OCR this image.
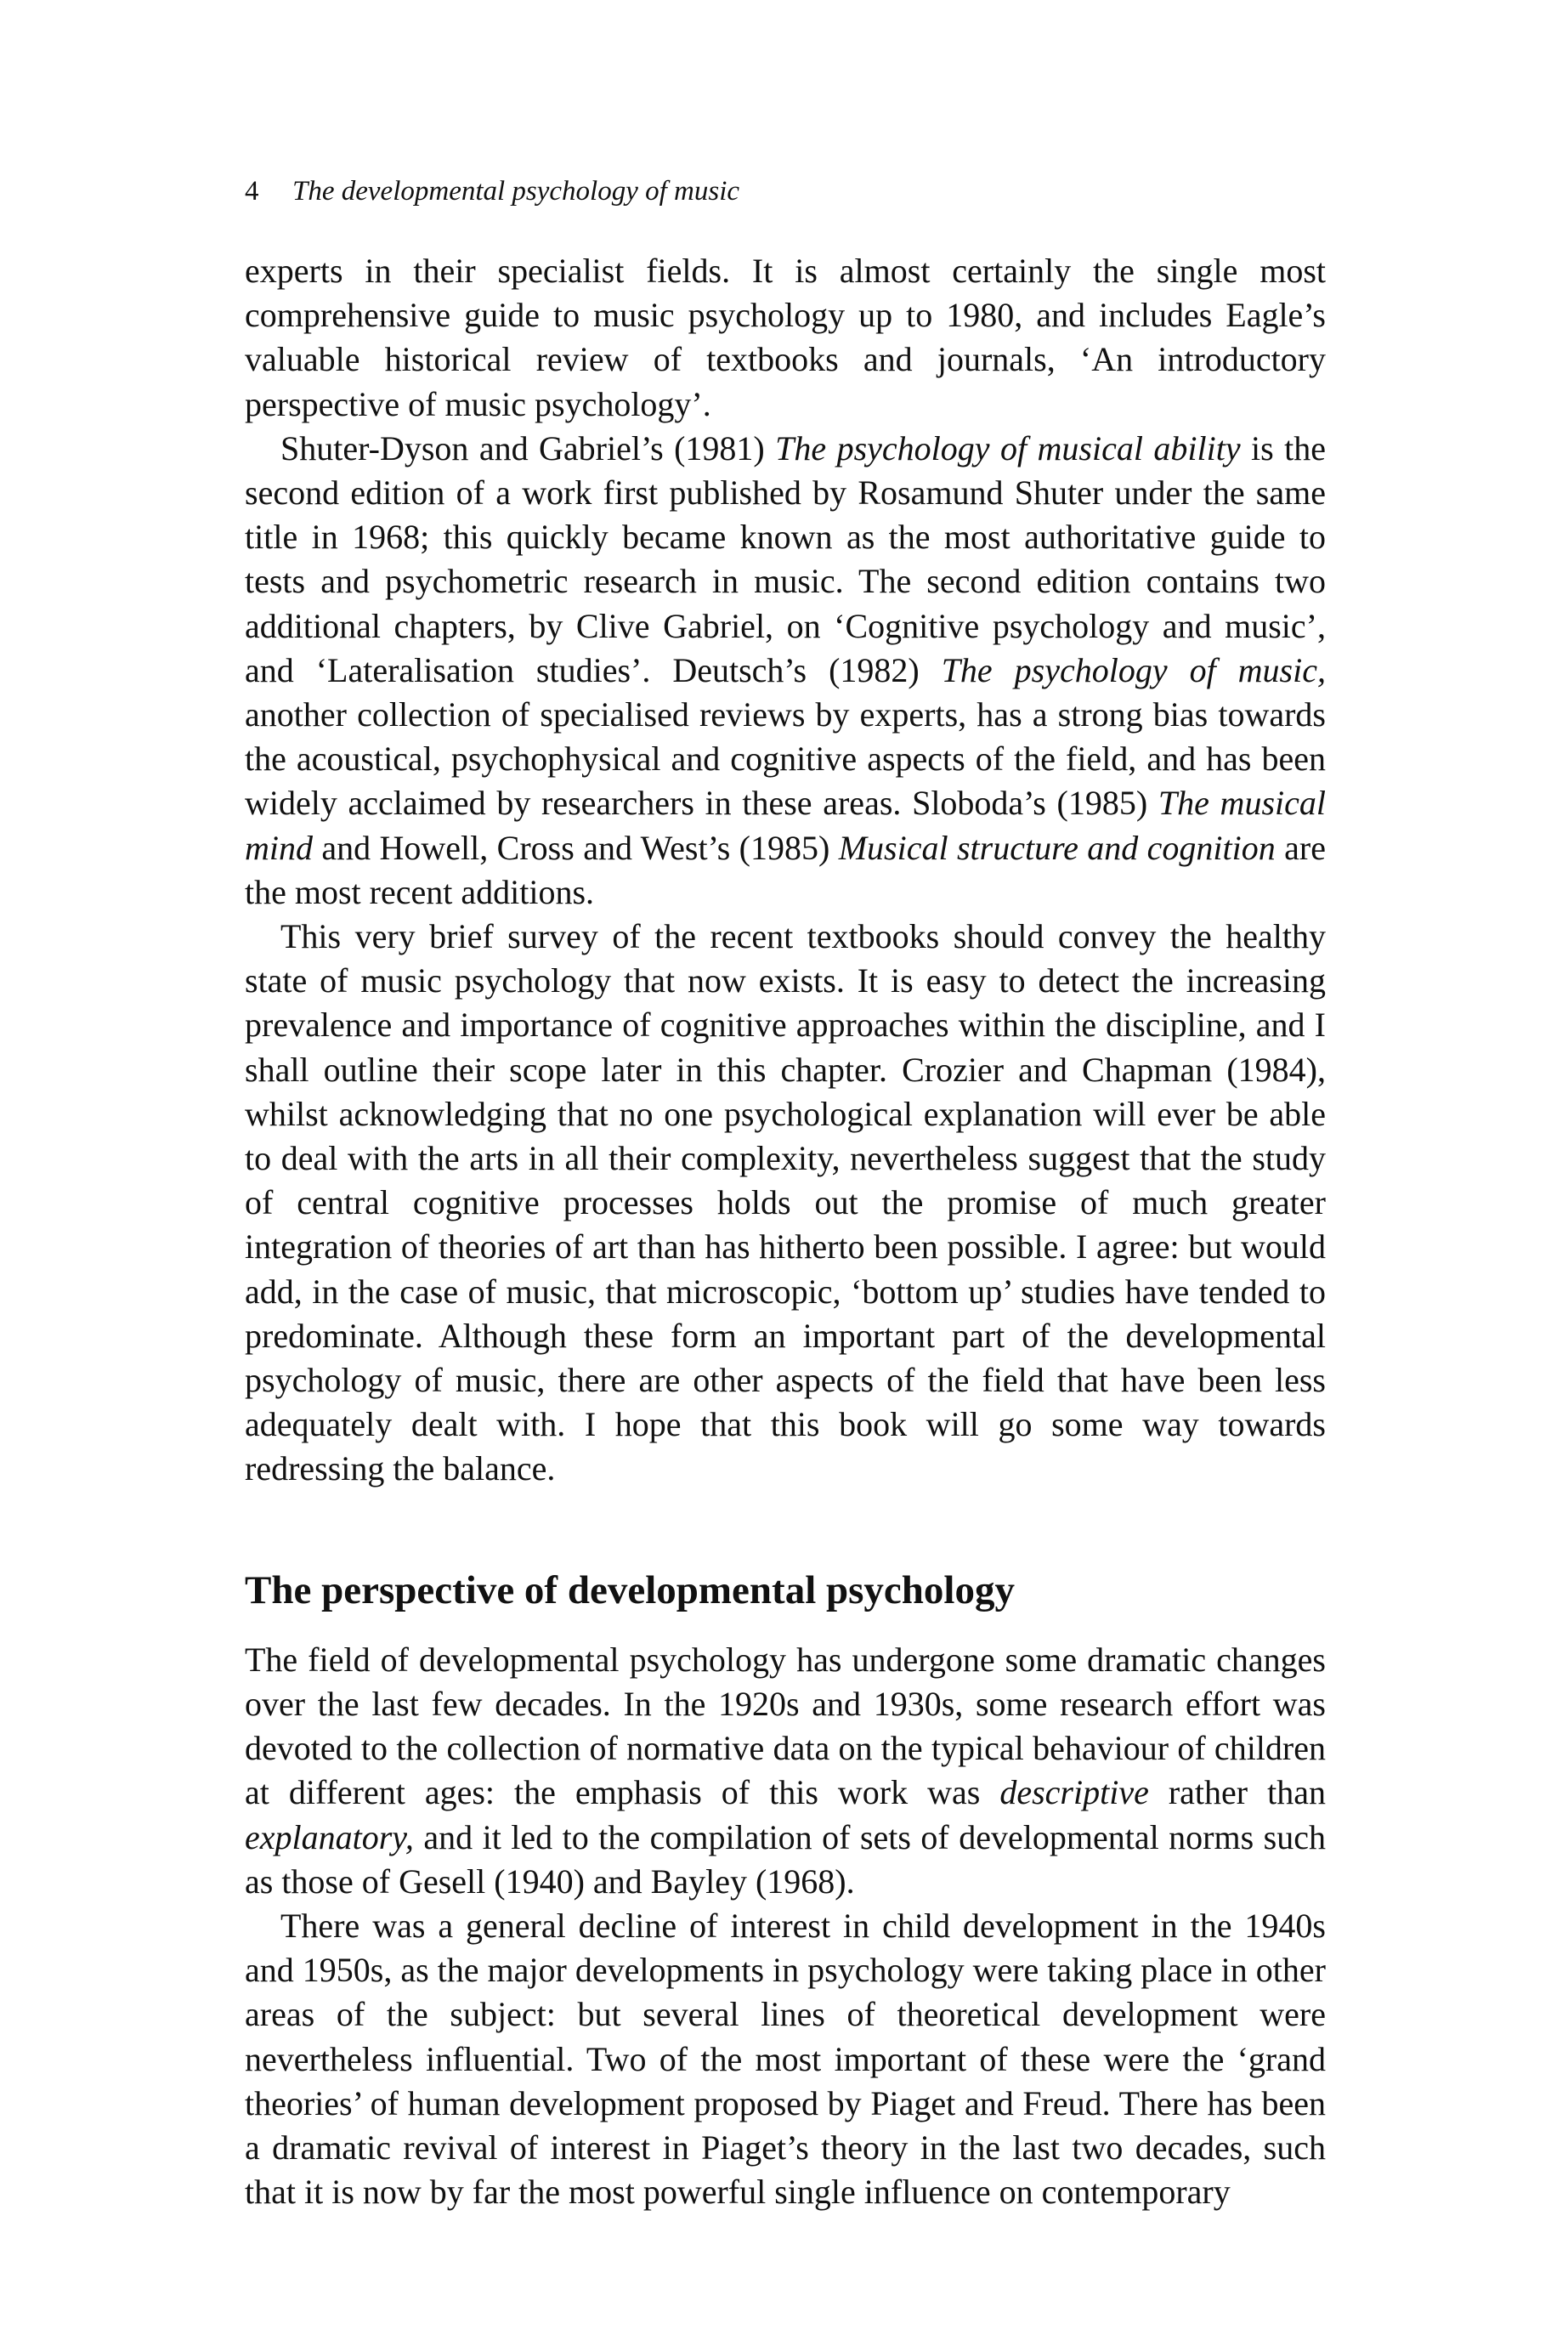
4 The developmental psychology of music

experts in their specialist fields. It is almost certainly the single most comprehensive guide to music psychology up to 1980, and includes Eagle’s valuable historical review of textbooks and journals, ‘An introductory perspective of music psychology’.

Shuter-Dyson and Gabriel’s (1981) The psychology of musical ability is the second edition of a work first published by Rosamund Shuter under the same title in 1968; this quickly became known as the most authoritative guide to tests and psychometric research in music. The second edition contains two additional chapters, by Clive Gabriel, on ‘Cognitive psychology and music’, and ‘Lateralisation studies’. Deutsch’s (1982) The psychology of music, another collection of specialised reviews by experts, has a strong bias towards the acoustical, psychophysical and cognitive aspects of the field, and has been widely acclaimed by researchers in these areas. Sloboda’s (1985) The musical mind and Howell, Cross and West’s (1985) Musical structure and cognition are the most recent additions.

This very brief survey of the recent textbooks should convey the healthy state of music psychology that now exists. It is easy to detect the increasing prevalence and importance of cognitive approaches within the discipline, and I shall outline their scope later in this chapter. Crozier and Chapman (1984), whilst acknowledging that no one psychological explanation will ever be able to deal with the arts in all their complexity, nevertheless suggest that the study of central cognitive processes holds out the promise of much greater integration of theories of art than has hitherto been possible. I agree: but would add, in the case of music, that microscopic, ‘bottom up’ studies have tended to predominate. Although these form an important part of the developmental psychology of music, there are other aspects of the field that have been less adequately dealt with. I hope that this book will go some way towards redressing the balance.

The perspective of developmental psychology

The field of developmental psychology has undergone some dramatic changes over the last few decades. In the 1920s and 1930s, some research effort was devoted to the collection of normative data on the typical behaviour of children at different ages: the emphasis of this work was descriptive rather than explanatory, and it led to the compilation of sets of developmental norms such as those of Gesell (1940) and Bayley (1968).

There was a general decline of interest in child development in the 1940s and 1950s, as the major developments in psychology were taking place in other areas of the subject: but several lines of theoretical development were nevertheless influential. Two of the most important of these were the ‘grand theories’ of human development proposed by Piaget and Freud. There has been a dramatic revival of interest in Piaget’s theory in the last two decades, such that it is now by far the most powerful single influence on contemporary
